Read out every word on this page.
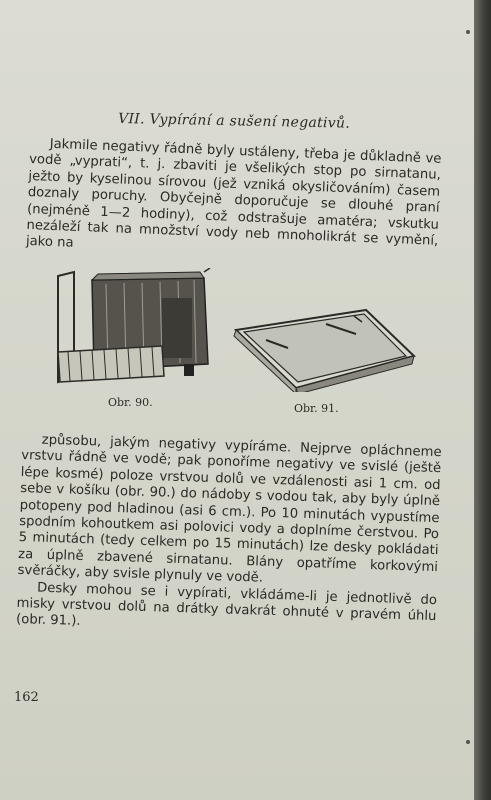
VII. Vypírání a sušení negativů.

Jakmile negativy řádně byly ustáleny, třeba je důkladně ve vodě „vyprati“, t. j. zbaviti je všelikých stop po sirnatanu, ježto by kyselinou sírovou (jež vzniká okysličováním) časem doznaly poruchy. Obyčejně doporučuje se dlouhé praní (nejméně 1—2 hodiny), což odstrašuje amatéra; vskutku nezáleží tak na množství vody neb mnoholikrát se vymění, jako na

Obr. 90.	Obr. 91.

způsobu, jakým negativy vypíráme. Nejprve opláchneme vrstvu řádně ve vodě; pak ponoříme negativy ve svislé (ještě lépe kosmé) poloze vrstvou dolů ve vzdálenosti asi 1 cm. od sebe v košíku (obr. 90.) do nádoby s vodou tak, aby byly úplně potopeny pod hladinou (asi 6 cm.). Po 10 minutách vypustíme spodním kohoutkem asi polovici vody a doplníme čerstvou. Po 5 minutách (tedy celkem po 15 minutách) lze desky pokládati za úplně zbavené sirnatanu. Blány opatříme korkovými svěráčky, aby svisle plynuly ve vodě.

Desky mohou se i vypírati, vkládáme-li je jednotlivě do misky vrstvou dolů na drátky dvakrát ohnuté v pravém úhlu (obr. 91.).

162
